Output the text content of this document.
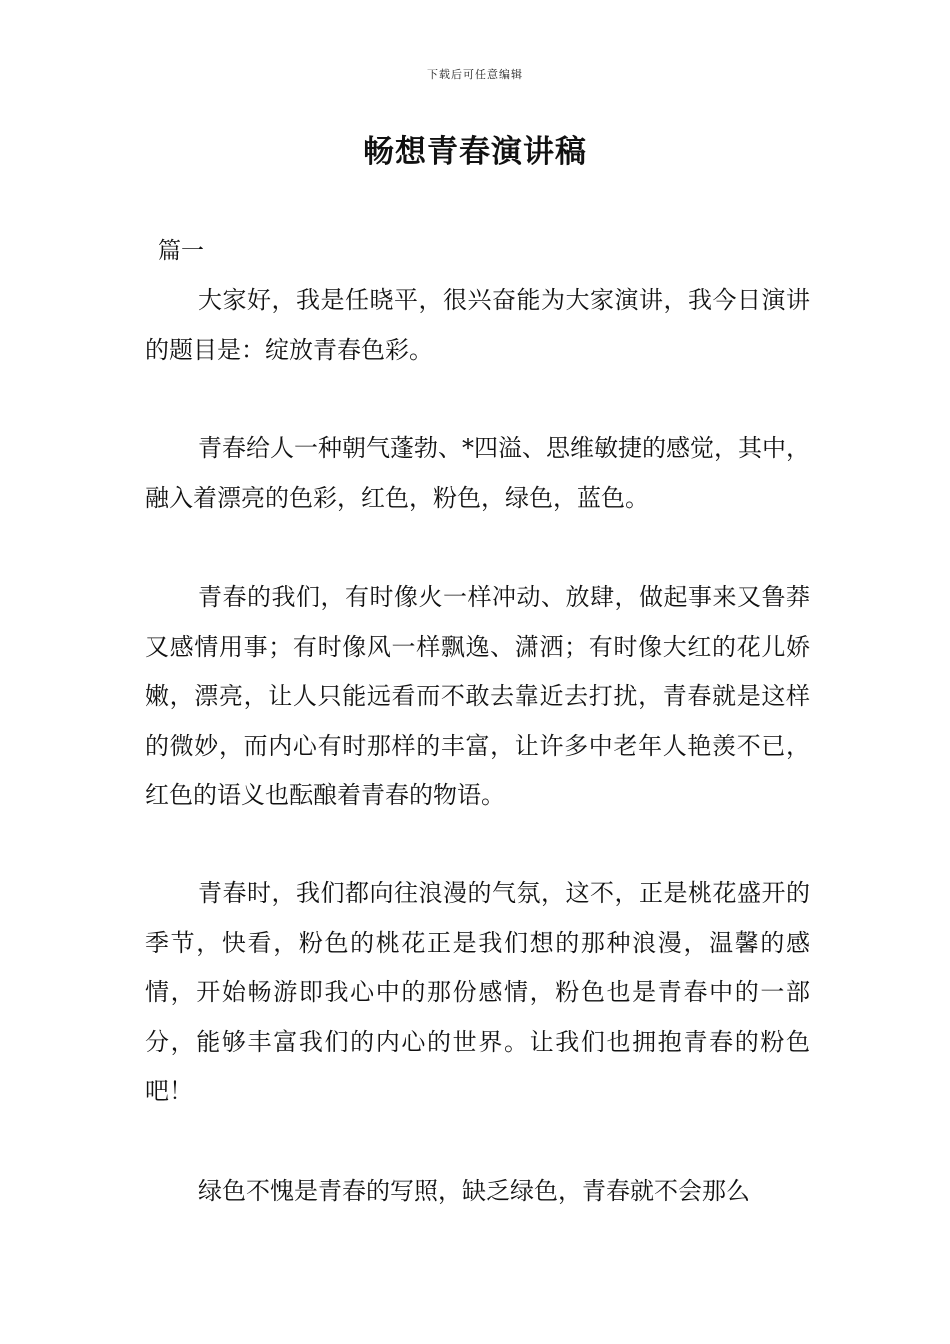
下载后可任意编辑
畅想青春演讲稿
篇一

大家好，我是任晓平，很兴奋能为大家演讲，我今日演讲的题目是：绽放青春色彩。

青春给人一种朝气蓬勃、*四溢、思维敏捷的感觉，其中，融入着漂亮的色彩，红色，粉色，绿色，蓝色。

青春的我们，有时像火一样冲动、放肆，做起事来又鲁莽又感情用事；有时像风一样飘逸、潇洒；有时像大红的花儿娇嫩，漂亮，让人只能远看而不敢去靠近去打扰，青春就是这样的微妙，而内心有时那样的丰富，让许多中老年人艳羡不已，红色的语义也酝酿着青春的物语。

青春时，我们都向往浪漫的气氛，这不，正是桃花盛开的季节，快看，粉色的桃花正是我们想的那种浪漫，温馨的感情，开始畅游即我心中的那份感情，粉色也是青春中的一部分，能够丰富我们的内心的世界。让我们也拥抱青春的粉色吧！

绿色不愧是青春的写照，缺乏绿色，青春就不会那么
